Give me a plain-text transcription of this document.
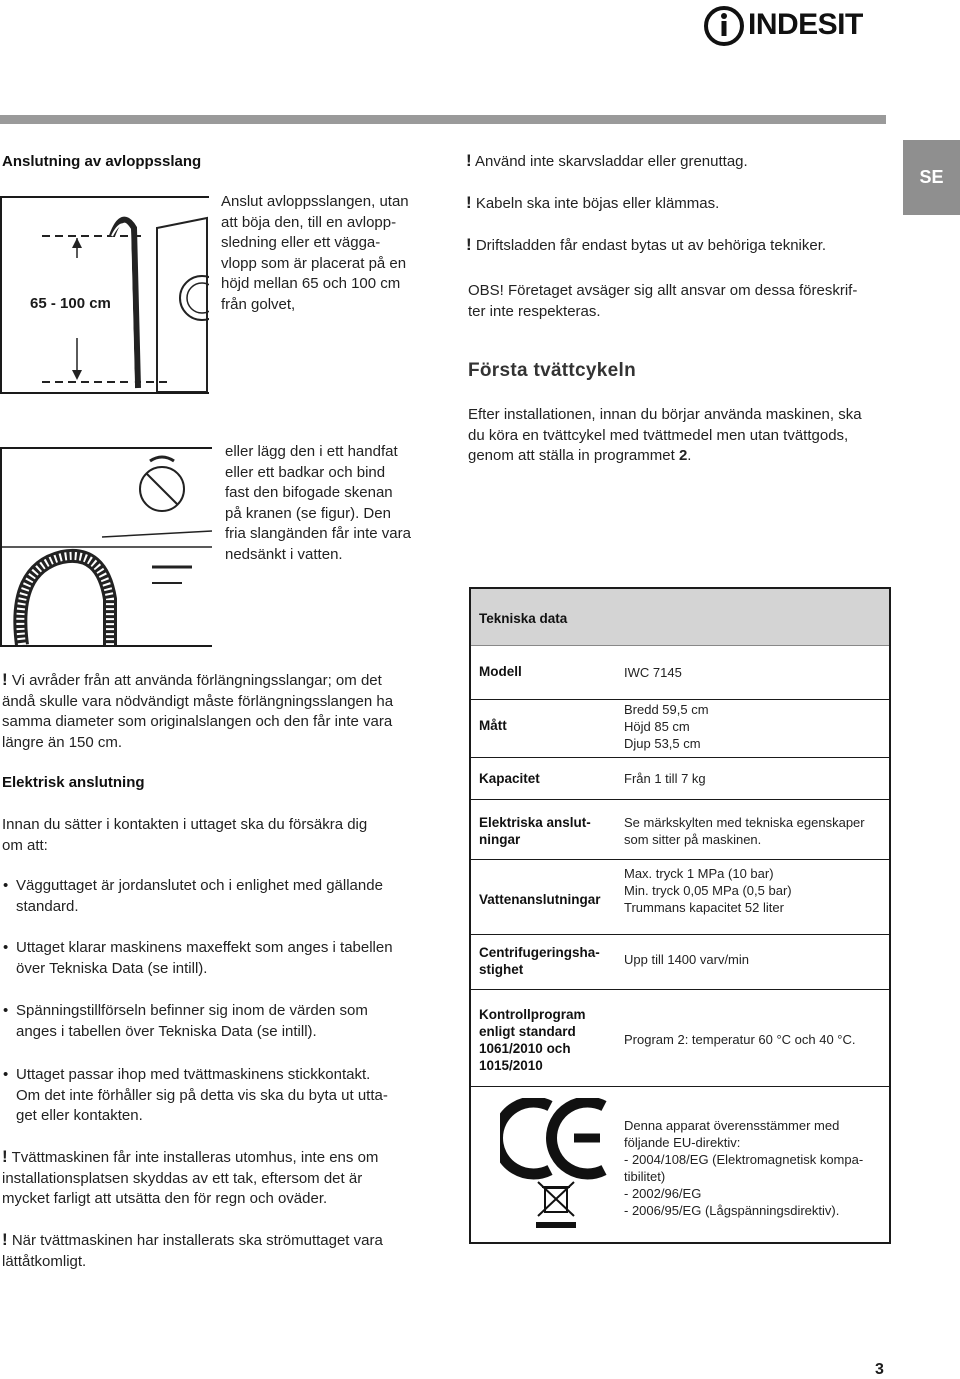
INDESIT
SE
Anslutning av avloppsslang
65 - 100 cm
Anslut avloppsslangen, utan
att böja den, till en avlopp-
sledning eller ett vägga-
vlopp som är placerat på en
höjd mellan 65 och 100 cm
från golvet,
eller lägg den i ett handfat
eller ett badkar och bind
fast den bifogade skenan
på kranen (se figur). Den
fria slangänden får inte vara
nedsänkt i vatten.
! Vi avråder från att använda förlängningsslangar; om det
ändå skulle vara nödvändigt måste förlängningsslangen ha
samma diameter som originalslangen och den får inte vara
längre än 150 cm.
Elektrisk anslutning
Innan du sätter i kontakten i uttaget ska du försäkra dig
om att:
• Vägguttaget är jordanslutet och i enlighet med gällande
standard.
• Uttaget klarar maskinens maxeffekt som anges i tabellen
över Tekniska Data (se intill).
• Spänningstillförseln befinner sig inom de värden som
anges i tabellen över Tekniska Data (se intill).
• Uttaget passar ihop med tvättmaskinens stickkontakt.
Om det inte förhåller sig på detta vis ska du byta ut utta-
get eller kontakten.
! Tvättmaskinen får inte installeras utomhus, inte ens om
installationsplatsen skyddas av ett tak, eftersom det är
mycket farligt att utsätta den för regn och oväder.
! När tvättmaskinen har installerats ska strömuttaget vara
lättåtkomligt.
! Använd inte skarvsladdar eller grenuttag.
! Kabeln ska inte böjas eller klämmas.
! Driftsladden får endast bytas ut av behöriga tekniker.
OBS! Företaget avsäger sig allt ansvar om dessa föreskrif-
ter inte respekteras.
Första tvättcykeln
Efter installationen, innan du börjar använda maskinen, ska
du köra en tvättcykel med tvättmedel men utan tvättgods,
genom att ställa in programmet 2.
Tekniska data
Modell	IWC 7145
Mått
Bredd 59,5 cm
Höjd 85 cm
Djup 53,5 cm
Kapacitet	Från 1 till 7 kg
Elektriska anslut-
ningar
Se märkskylten med tekniska egenskaper
som sitter på maskinen.
Vattenanslutningar
Max. tryck 1 MPa (10 bar)
Min. tryck 0,05 MPa (0,5 bar)
Trummans kapacitet 52 liter
Centrifugeringsha-
stighet
Upp till 1400 varv/min
Kontrollprogram
enligt standard
1061/2010 och
1015/2010
Program 2: temperatur 60 °C och 40 °C.
Denna apparat överensstämmer med
följande EU-direktiv:
- 2004/108/EG (Elektromagnetisk kompa-
tibilitet)
- 2002/96/EG
- 2006/95/EG (Lågspänningsdirektiv).
3
